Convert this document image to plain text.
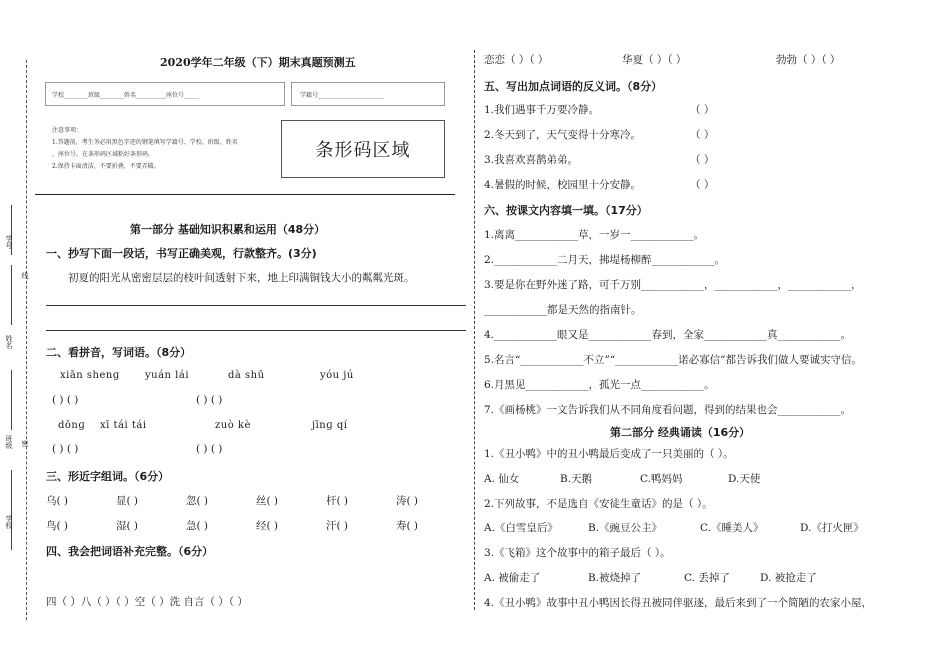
学号
线
姓名
班级 密
学校
2020学年二年级（下）期末真题预测五
学校________班级________姓名__________座位号_____	学籍号______________________
注意事项：
1.答题前，考生务必用黑色字迹的钢笔填写学籍号、学校、班级、姓名
、座位号，在条形码区域粘好条形码。
2.保持卡面清洁，不要折叠，不要弄破。
条形码区域
第一部分 基础知识积累和运用（48分）
一、抄写下面一段话，书写正确美观，行款整齐。(3分)
初夏的阳光从密密层层的枝叶间透射下来，地上印满铜钱大小的粼粼光斑。
二、看拼音，写词语。（8分）
xiān shenɡ	yuán lái	dà shū	yóu jú
( ) ( )	( ) ( )
dōnɡ xī tái tái	zuò kè	jīnɡ qí
( ) ( )	( ) ( )
三、形近字组词。（6分）
乌( )	显( )	忽( )	丝( )	杆( )	涛( )
鸟( )	湿( )	急( )	经( )	汗( )	寿( )
四、我会把词语补充完整。（6分）
四（ ）八（ ）（ ）空（ ）洗 自言（ ）（ ）
恋恋（ ）（ ）	华夏（ ）（ ）	勃勃（ ）（ ）
五、写出加点词语的反义词。（8分）
1.我们遇事千万要冷静。	（ ）
2.冬天到了，天气变得十分寒冷。	（ ）
3.我喜欢喜鹊弟弟。	（ ）
4.暑假的时候，校园里十分安静。	（ ）
六、按课文内容填一填。（17分）
1.离离____________草，一岁一____________。
2.____________二月天，拂堤杨柳醉____________。
3.要是你在野外迷了路，可千万别____________，____________，____________，
____________都是天然的指南针。
4.____________眼又是____________春到，全家____________真____________。
5.名言“____________不立”“____________诺必寡信”都告诉我们做人要诚实守信。
6.月黑见____________，孤光一点____________。
7.《画杨桃》一文告诉我们从不同角度看问题，得到的结果也会____________。
第二部分 经典诵读（16分）
1.《丑小鸭》中的丑小鸭最后变成了一只美丽的（ ）。
A. 仙女	B.天鹅	C.鸭妈妈	D.天使
2.下列故事，不是选自《安徒生童话》的是（ ）。
A.《白雪皇后》	B.《豌豆公主》	C.《睡美人》	D.《打火匣》
3.《飞箱》这个故事中的箱子最后（ ）。
A. 被偷走了	B.被烧掉了	C. 丢掉了	D. 被抢走了
4.《丑小鸭》故事中丑小鸭因长得丑被同伴驱逐，最后来到了一个简陋的农家小屋，
